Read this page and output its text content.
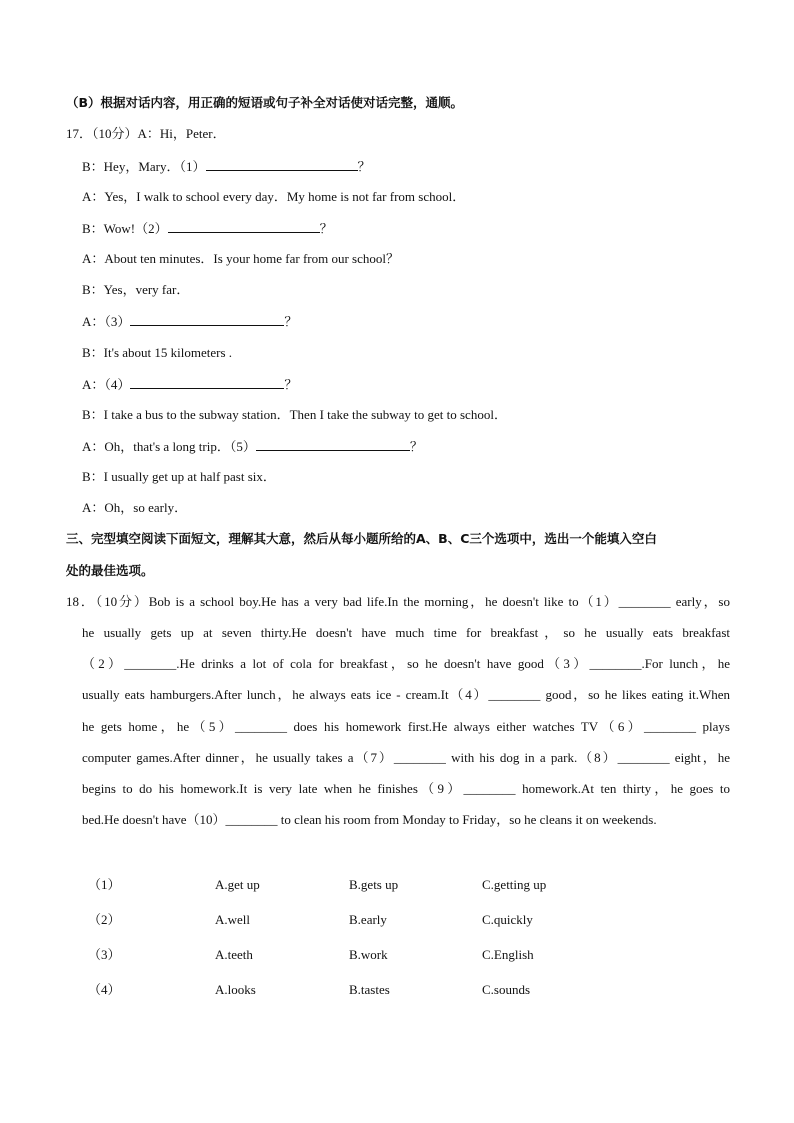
（B）根据对话内容，用正确的短语或句子补全对话使对话完整，通顺。
17．（10分）A：Hi，Peter．
B：Hey，Mary．（1）	？
A：Yes，I walk to school every day．My home is not far from school．
B：Wow!（2）	？
A：About ten minutes．Is your home far from our school？
B：Yes，very far．
A：（3）	？
B：It's about 15 kilometers .
A：（4）	？
B：I take a bus to the subway station．Then I take the subway to get to school．
A：Oh，that's a long trip．（5）	？
B：I usually get up at half past six．
A：Oh，so early．
三、完型填空阅读下面短文，理解其大意，然后从每小题所给的A、B、C三个选项中，选出一个能填入空白
处的最佳选项。
18．（10分）Bob is a school boy.He has a very bad life.In the morning，he doesn't like to（1）________ early，so
he usually gets up at seven thirty.He doesn't have much time for breakfast，so he usually eats breakfast
（2）________.He drinks a lot of cola for breakfast，so he doesn't have good（3）________.For lunch，he
usually eats hamburgers.After lunch，he always eats ice - cream.It（4）________ good，so he likes eating it.When
he gets home，he（5）________ does his homework first.He always either watches TV（6）________ plays
computer games.After dinner，he usually takes a（7）________ with his dog in a park.（8）________ eight，he
begins to do his homework.It is very late when he finishes（9）________ homework.At ten thirty，he goes to
bed.He doesn't have（10）________ to clean his room from Monday to Friday，so he cleans it on weekends.
（1）	A.get up	B.gets up	C.getting up
（2）	A.well	B.early	C.quickly
（3）	A.teeth	B.work	C.English
（4）	A.looks	B.tastes	C.sounds
